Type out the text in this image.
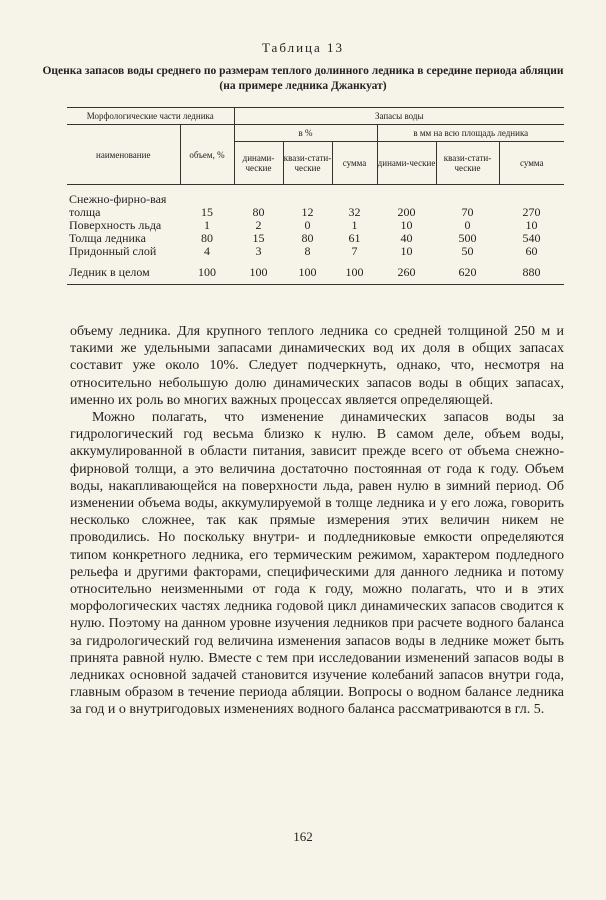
Таблица 13
Оценка запасов воды среднего по размерам теплого долинного ледника в середине периода абляции (на примере ледника Джанкуат)
Морфологические части ледника		Запасы воды					
наименование	объем, %	в %			в мм на всю площадь ледника		
		динами-ческие	квази-стати-ческие	сумма	динами-ческие	квази-стати-ческие	сумма
Снежно-фирно-вая толща	15	80	12	32	200	70	270
Поверхность льда	1	2	0	1	10	0	10
Толща ледника	80	15	80	61	40	500	540
Придонный слой	4	3	8	7	10	50	60
Ледник в целом	100	100	100	100	260	620	880

объему ледника. Для крупного теплого ледника со средней толщиной 250 м и такими же удельными запасами динамических вод их доля в общих запасах составит уже около 10%. Следует подчеркнуть, однако, что, несмотря на относительно небольшую долю динамических запасов воды в общих запасах, именно их роль во многих важных процессах является определяющей.

Можно полагать, что изменение динамических запасов воды за гидрологический год весьма близко к нулю. В самом деле, объем воды, аккумулированной в области питания, зависит прежде всего от объема снежно-фирновой толщи, а это величина достаточно постоянная от года к году. Объем воды, накапливающейся на поверхности льда, равен нулю в зимний период. Об изменении объема воды, аккумулируемой в толще ледника и у его ложа, говорить несколько сложнее, так как прямые измерения этих величин никем не проводились. Но поскольку внутри- и подледниковые емкости определяются типом конкретного ледника, его термическим режимом, характером подледного рельефа и другими факторами, специфическими для данного ледника и потому относительно неизменными от года к году, можно полагать, что и в этих морфологических частях ледника годовой цикл динамических запасов сводится к нулю. Поэтому на данном уровне изучения ледников при расчете водного баланса за гидрологический год величина изменения запасов воды в леднике может быть принята равной нулю. Вместе с тем при исследовании изменений запасов воды в ледниках основной задачей становится изучение колебаний запасов внутри года, главным образом в течение периода абляции. Вопросы о водном балансе ледника за год и о внутригодовых изменениях водного баланса рассматриваются в гл. 5.

162
